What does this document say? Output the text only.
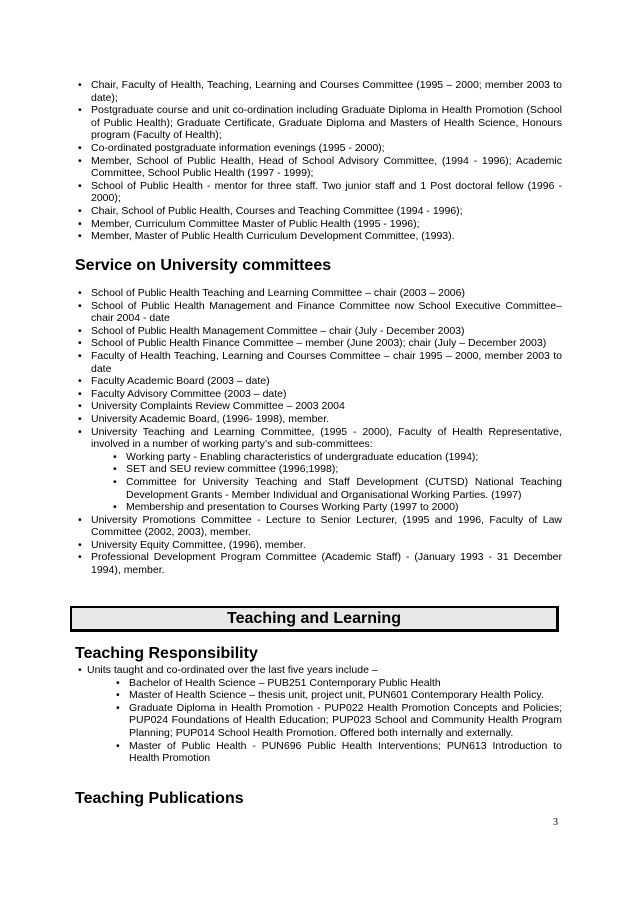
• Chair, Faculty of Health, Teaching, Learning and Courses Committee (1995 – 2000; member 2003 to date);
• Postgraduate course and unit co-ordination including Graduate Diploma in Health Promotion (School of Public Health); Graduate Certificate, Graduate Diploma and Masters of Health Science, Honours program (Faculty of Health);
• Co-ordinated postgraduate information evenings (1995 - 2000);
• Member, School of Public Health, Head of School Advisory Committee, (1994 - 1996); Academic Committee, School Public Health (1997 - 1999);
• School of Public Health - mentor for three staff. Two junior staff and 1 Post doctoral fellow (1996 - 2000);
• Chair, School of Public Health, Courses and Teaching Committee (1994 - 1996);
• Member, Curriculum Committee Master of Public Health (1995 - 1996);
• Member, Master of Public Health Curriculum Development Committee, (1993).
Service on University committees
• School of Public Health Teaching and Learning Committee – chair (2003 – 2006)
• School of Public Health Management and Finance Committee now School Executive Committee– chair 2004 - date
• School of Public Health Management Committee – chair (July - December 2003)
• School of Public Health Finance Committee – member (June 2003); chair (July – December 2003)
• Faculty of Health Teaching, Learning and Courses Committee – chair 1995 – 2000, member 2003 to date
• Faculty Academic Board (2003 – date)
• Faculty Advisory Committee (2003 – date)
• University Complaints Review Committee – 2003 2004
• University Academic Board, (1996- 1998), member.
• University Teaching and Learning Committee, (1995 - 2000), Faculty of Health Representative, involved in a number of working party’s and sub-committees:
• Working party - Enabling characteristics of undergraduate education (1994);
• SET and SEU review committee (1996;1998);
• Committee for University Teaching and Staff Development (CUTSD) National Teaching Development Grants - Member Individual and Organisational Working Parties. (1997)
• Membership and presentation to Courses Working Party (1997 to 2000)
• University Promotions Committee - Lecture to Senior Lecturer, (1995 and 1996, Faculty of Law Committee (2002, 2003), member.
• University Equity Committee, (1996), member.
• Professional Development Program Committee (Academic Staff) - (January 1993 - 31 December 1994), member.
Teaching and Learning
Teaching Responsibility
• Units taught and co-ordinated over the last five years include –
• Bachelor of Health Science – PUB251 Contemporary Public Health
• Master of Health Science – thesis unit, project unit, PUN601 Contemporary Health Policy.
• Graduate Diploma in Health Promotion - PUP022 Health Promotion Concepts and Policies; PUP024 Foundations of Health Education; PUP023 School and Community Health Program Planning; PUP014 School Health Promotion. Offered both internally and externally.
• Master of Public Health - PUN696 Public Health Interventions; PUN613 Introduction to Health Promotion
Teaching Publications
3
